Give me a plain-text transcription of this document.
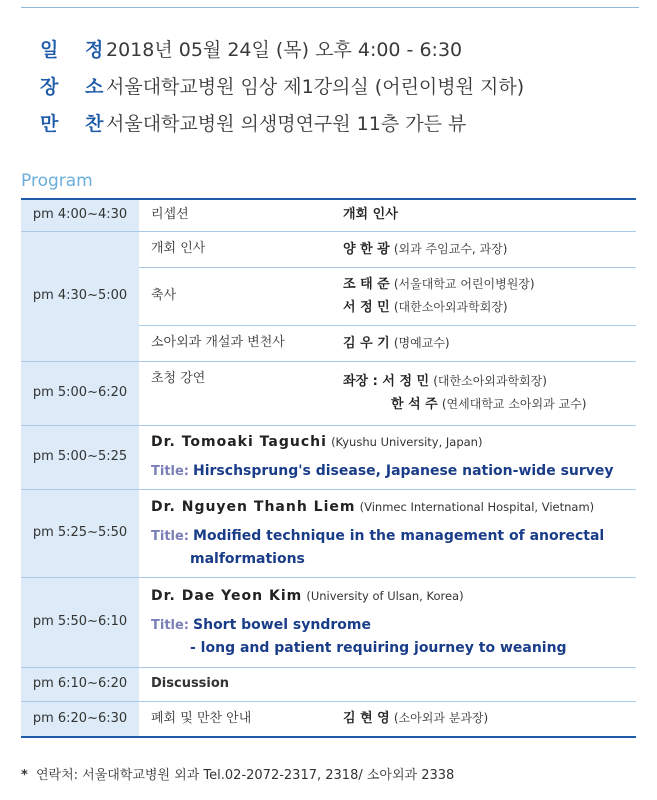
일 정
2018년 05월 24일 (목) 오후 4:00 - 6:30
장 소
서울대학교병원 임상 제1강의실 (어린이병원 지하)
만 찬
서울대학교병원 의생명연구원 11층 가든 뷰
Program
pm 4:00~4:30	리셉션	개회 인사
pm 4:30~5:00	개회 인사	양 한 광 (외과 주임교수, 과장)
	축사	조 태 준 (서울대학교 어린이병원장)
서 정 민 (대한소아외과학회장)

	소아외과 개설과 변천사	김 우 기 (명예교수)
pm 5:00~6:20	초청 강연	좌장 : 서 정 민 (대한소아외과학회장)
한 석 주 (연세대학교 소아외과 교수)

pm 5:00~5:25	Dr. Tomoaki Taguchi
(Kyushu University, Japan)
Title: Hirschsprung's disease, Japanese nation-wide survey	

pm 5:25~5:50	Dr. Nguyen Thanh Liem
(Vinmec International Hospital, Vietnam)
Title: Modified technique in the management of anorectal
malformations	

pm 5:50~6:10	Dr. Dae Yeon Kim
(University of Ulsan, Korea)
Title: Short bowel syndrome
- long and patient requiring journey to weaning	

pm 6:10~6:20	Discussion	
pm 6:20~6:30	폐회 및 만찬 안내	김 현 영 (소아외과 분과장)
* 연락처: 서울대학교병원 외과 Tel.02-2072-2317, 2318/ 소아외과 2338
